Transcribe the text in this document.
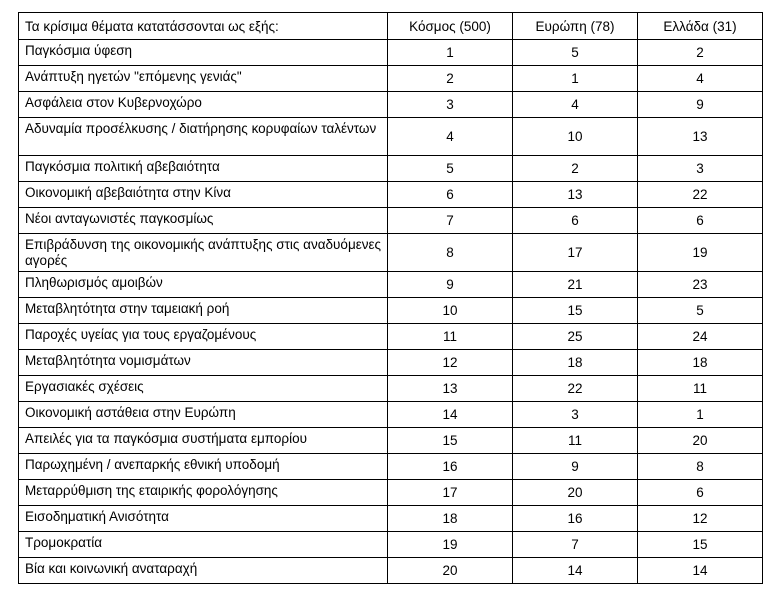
Τα κρίσιμα θέματα κατατάσσονται ως εξής:	Κόσμος (500)	Ευρώπη (78)	Ελλάδα (31)
Παγκόσμια ύφεση	1	5	2
Ανάπτυξη ηγετών "επόμενης γενιάς"	2	1	4
Ασφάλεια στον Κυβερνοχώρο	3	4	9
Αδυναμία προσέλκυσης / διατήρησης κορυφαίων ταλέντων	4	10	13
Παγκόσμια πολιτική αβεβαιότητα	5	2	3
Οικονομική αβεβαιότητα στην Κίνα	6	13	22
Νέοι ανταγωνιστές παγκοσμίως	7	6	6
Επιβράδυνση της οικονομικής ανάπτυξης στις αναδυόμενες αγορές	8	17	19
Πληθωρισμός αμοιβών	9	21	23
Μεταβλητότητα στην ταμειακή ροή	10	15	5
Παροχές υγείας για τους εργαζομένους	11	25	24
Μεταβλητότητα νομισμάτων	12	18	18
Εργασιακές σχέσεις	13	22	11
Οικονομική αστάθεια στην Ευρώπη	14	3	1
Απειλές για τα παγκόσμια συστήματα εμπορίου	15	11	20
Παρωχημένη / ανεπαρκής εθνική υποδομή	16	9	8
Μεταρρύθμιση της εταιρικής φορολόγησης	17	20	6
Εισοδηματική Ανισότητα	18	16	12
Τρομοκρατία	19	7	15
Βία και κοινωνική αναταραχή	20	14	14
